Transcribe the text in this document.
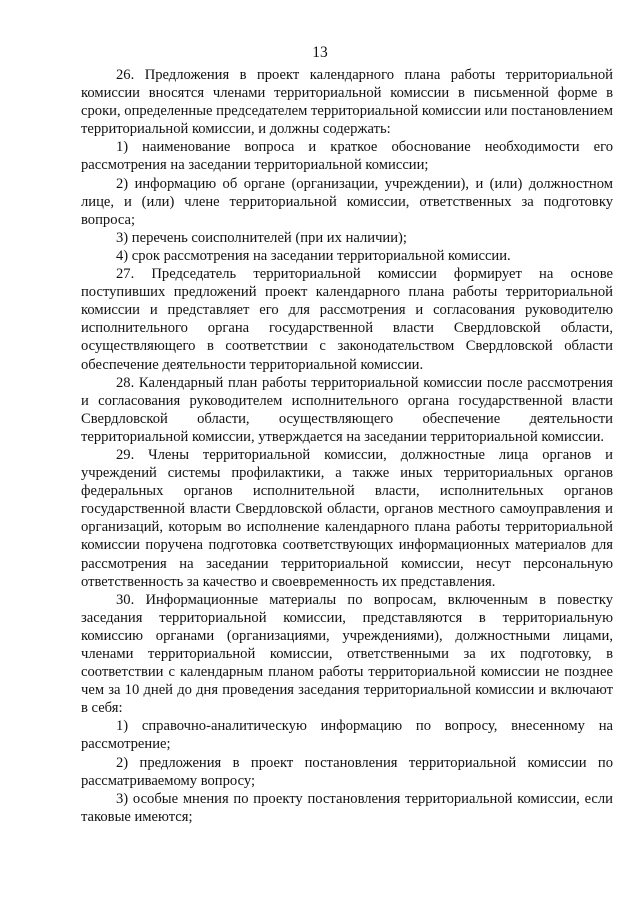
13

26. Предложения в проект календарного плана работы территориальной комиссии вносятся членами территориальной комиссии в письменной форме в сроки, определенные председателем территориальной комиссии или постановлением территориальной комиссии, и должны содержать:

1) наименование вопроса и краткое обоснование необходимости его рассмотрения на заседании территориальной комиссии;

2) информацию об органе (организации, учреждении), и (или) должностном лице, и (или) члене территориальной комиссии, ответственных за подготовку вопроса;

3) перечень соисполнителей (при их наличии);

4) срок рассмотрения на заседании территориальной комиссии.

27. Председатель территориальной комиссии формирует на основе поступивших предложений проект календарного плана работы территориальной комиссии и представляет его для рассмотрения и согласования руководителю исполнительного органа государственной власти Свердловской области, осуществляющего в соответствии с законодательством Свердловской области обеспечение деятельности территориальной комиссии.

28. Календарный план работы территориальной комиссии после рассмотрения и согласования руководителем исполнительного органа государственной власти Свердловской области, осуществляющего обеспечение деятельности территориальной комиссии, утверждается на заседании территориальной комиссии.

29. Члены территориальной комиссии, должностные лица органов и учреждений системы профилактики, а также иных территориальных органов федеральных органов исполнительной власти, исполнительных органов государственной власти Свердловской области, органов местного самоуправления и организаций, которым во исполнение календарного плана работы территориальной комиссии поручена подготовка соответствующих информационных материалов для рассмотрения на заседании территориальной комиссии, несут персональную ответственность за качество и своевременность их представления.

30. Информационные материалы по вопросам, включенным в повестку заседания территориальной комиссии, представляются в территориальную комиссию органами (организациями, учреждениями), должностными лицами, членами территориальной комиссии, ответственными за их подготовку, в соответствии с календарным планом работы территориальной комиссии не позднее чем за 10 дней до дня проведения заседания территориальной комиссии и включают в себя:

1) справочно-аналитическую информацию по вопросу, внесенному на рассмотрение;

2) предложения в проект постановления территориальной комиссии по рассматриваемому вопросу;

3) особые мнения по проекту постановления территориальной комиссии, если таковые имеются;
